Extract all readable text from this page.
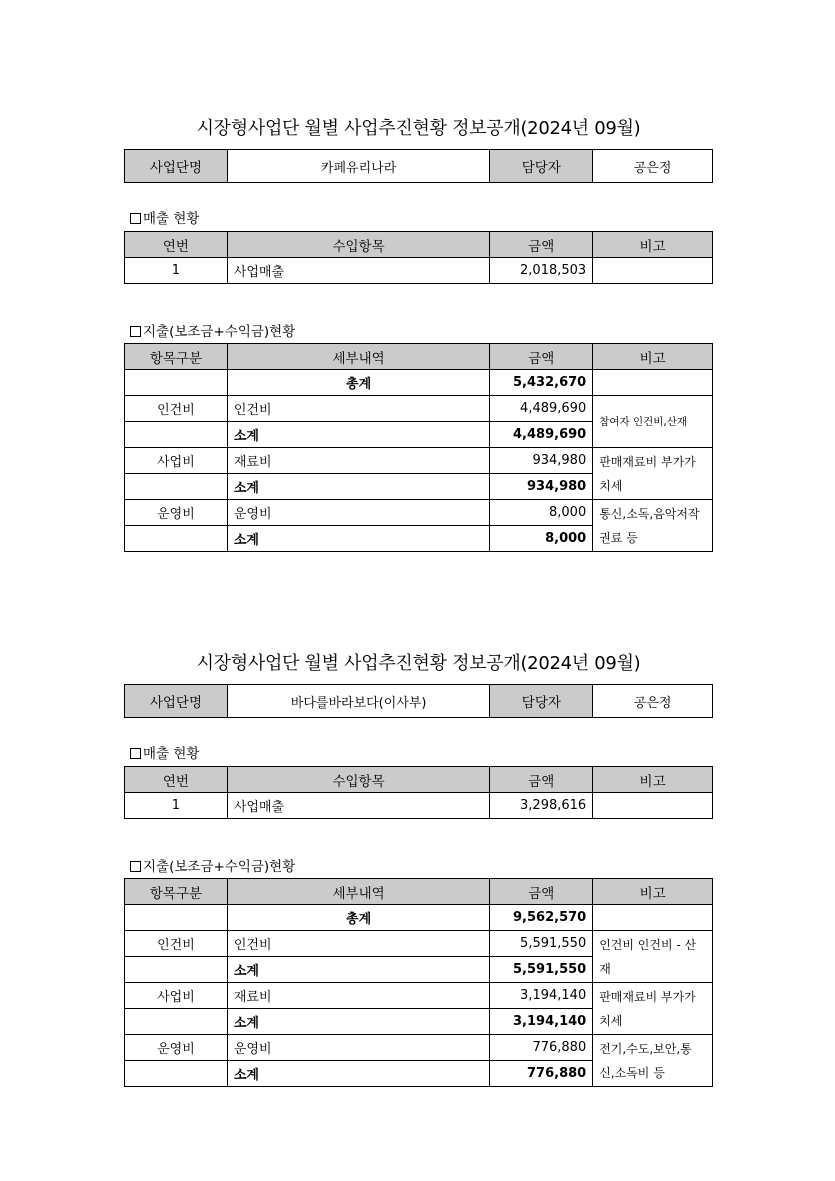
시장형사업단 월별 사업추진현황 정보공개(2024년 09월)
사업단명	카페유리나라	담당자	공은정
매출 현황
연번	수입항목	금액	비고
1	사업매출	2,018,503	
지출(보조금+수익금)현황
항목구분	세부내역	금액	비고
	총계	5,432,670	
인건비	인건비	4,489,690	참여자 인건비,산재
	소계	4,489,690	
사업비	재료비	934,980	판매재료비 부가가치세
	소계	934,980	
운영비	운영비	8,000	통신,소독,음악저작권료 등
	소계	8,000	
시장형사업단 월별 사업추진현황 정보공개(2024년 09월)
사업단명	바다를바라보다(이사부)	담당자	공은정
매출 현황
연번	수입항목	금액	비고
1	사업매출	3,298,616	
지출(보조금+수익금)현황
항목구분	세부내역	금액	비고
	총계	9,562,570	
인건비	인건비	5,591,550	인건비 인건비 - 산재
	소계	5,591,550	
사업비	재료비	3,194,140	판매재료비 부가가치세
	소계	3,194,140	
운영비	운영비	776,880	전기,수도,보안,통신,소독비 등
	소계	776,880	
